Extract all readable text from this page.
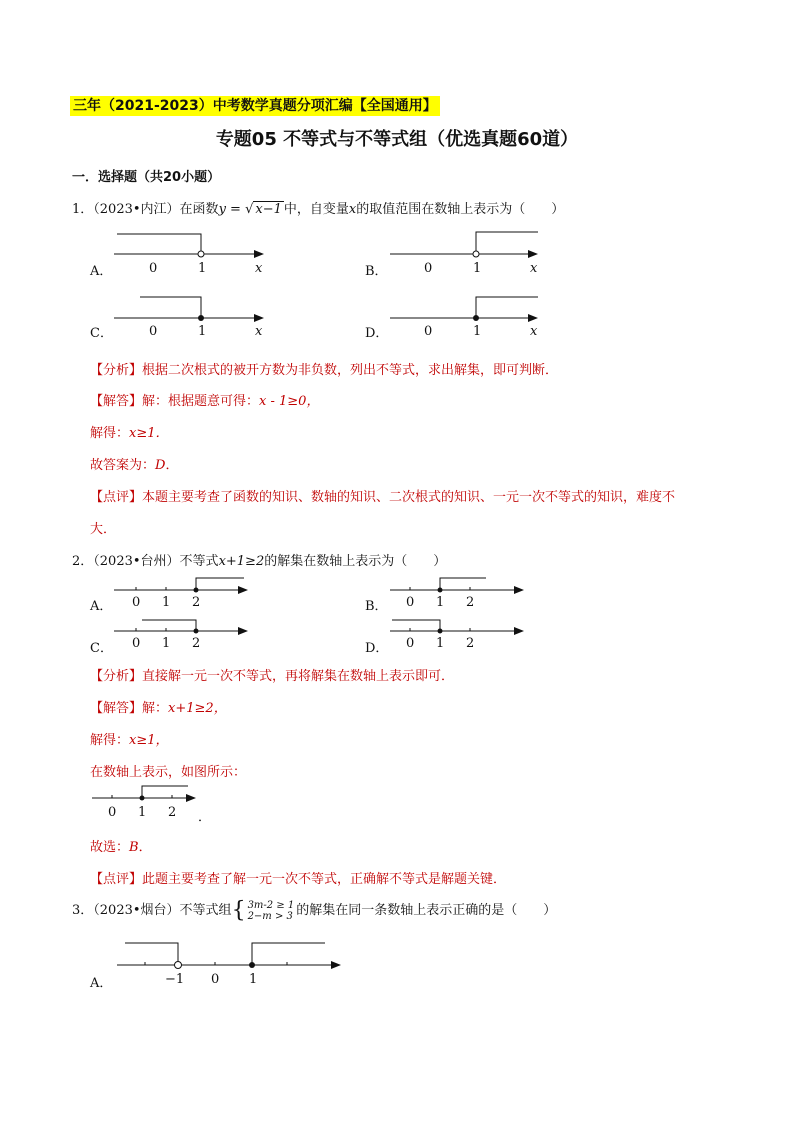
三年（2021-2023）中考数学真题分项汇编【全国通用】
专题05 不等式与不等式组（优选真题60道）
一．选择题（共20小题）
1．（2023•内江）在函数y = √ x−1 中，自变量x的取值范围在数轴上表示为（　　）
A．	0	1	x	B．	0	1	x
C．	0	1	x	D．	0	1	x
【分析】根据二次根式的被开方数为非负数，列出不等式，求出解集，即可判断．
【解答】解：根据题意可得：x - 1≥0，
解得：x≥1．
故答案为：D．
【点评】本题主要考查了函数的知识、数轴的知识、二次根式的知识、一元一次不等式的知识，难度不
大．
2．（2023•台州）不等式x+1≥2的解集在数轴上表示为（　　）
A． 0 1 2	B． 0 1 2
C． 0 1 2	D． 0 1 2
【分析】直接解一元一次不等式，再将解集在数轴上表示即可．
【解答】解：x+1≥2，
解得：x≥1，
在数轴上表示，如图所示：
0 1 2 ．
故选：B．
【点评】此题主要考查了解一元一次不等式，正确解不等式是解题关键．
3．（2023•烟台）不等式组{ 3m-2 ≥ 1
2−m > 3 的解集在同一条数轴上表示正确的是（　　）
A．	−1 0 1
